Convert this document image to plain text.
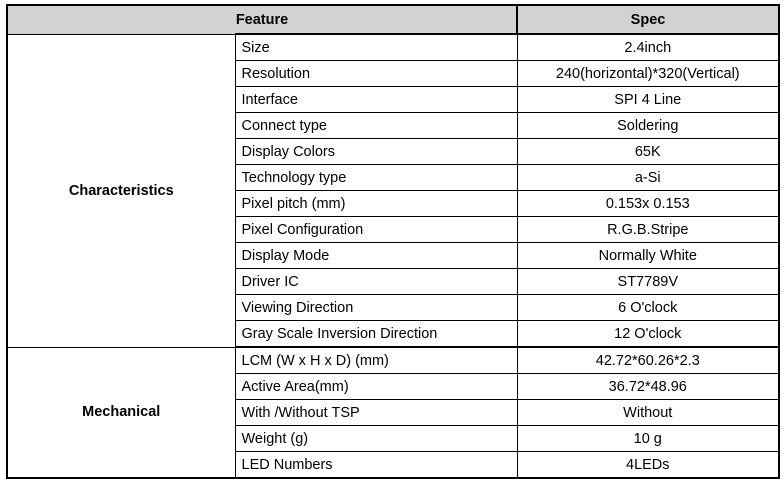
Feature		Spec
Characteristics	Size	2.4inch
	Resolution	240(horizontal)*320(Vertical)
	Interface	SPI 4 Line
	Connect type	Soldering
	Display Colors	65K
	Technology type	a-Si
	Pixel pitch (mm)	0.153x 0.153
	Pixel Configuration	R.G.B.Stripe
	Display Mode	Normally White
	Driver IC	ST7789V
	Viewing Direction	6 O'clock
	Gray Scale Inversion Direction	12 O'clock
Mechanical	LCM (W x H x D) (mm)	42.72*60.26*2.3
	Active Area(mm)	36.72*48.96
	With /Without TSP	Without
	Weight (g)	10 g
	LED Numbers	4LEDs
